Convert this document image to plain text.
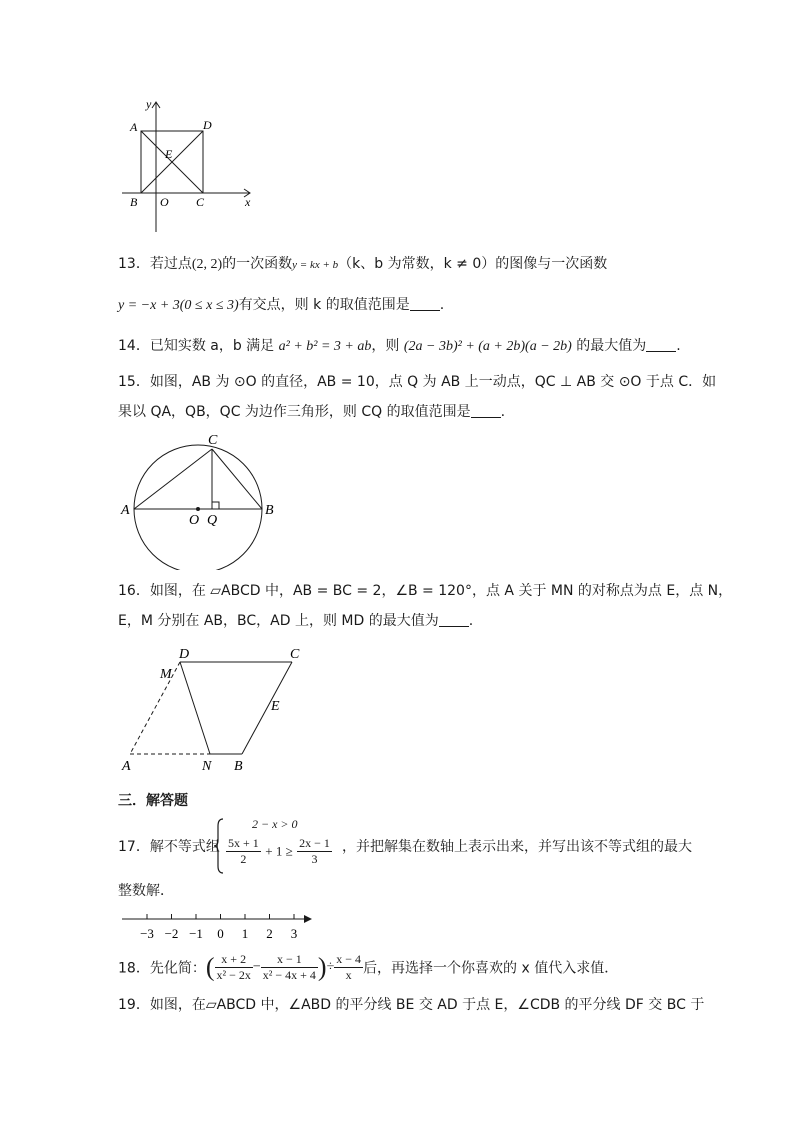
y
x
A	D
E
B O C
13．若过点(2, 2)的一次函数y = kx + b（k、b 为常数，k ≠ 0）的图像与一次函数
y = −x + 3(0 ≤ x ≤ 3)有交点，则 k 的取值范围是 .
14．已知实数 a，b 满足 a² + b² = 3 + ab，则 (2a − 3b)² + (a + 2b)(a − 2b) 的最大值为 .
15．如图，AB 为 ⊙O 的直径，AB = 10，点 Q 为 AB 上一动点，QC ⊥ AB 交 ⊙O 于点 C．如
果以 QA，QB，QC 为边作三角形，则 CQ 的取值范围是 .
C
A
O Q
B
16．如图，在 ▱ABCD 中，AB = BC = 2，∠B = 120°，点 A 关于 MN 的对称点为点 E，点 N，
E，M 分别在 AB，BC，AD 上，则 MD 的最大值为 .
D	C
M
E
A	N B
三．解答题
17．解不等式组
2 − x > 0
$\frac{5x + 1}{2} + 1 \ge \frac{2x - 1}{3}$ ，并把解集在数轴上表示出来，并写出该不等式组的最大
整数解．
−3 −2 −1 0 1 2 3
18．先化简：( $\frac{x + 2}{\text{x² − 2x}} - \frac{x - 1}{\text{x² − 4x + 4}}$ )÷ $\frac{x - 4}{x}$ 后，再选择一个你喜欢的 x 值代入求值．
19．如图，在▱ABCD 中，∠ABD 的平分线 BE 交 AD 于点 E，∠CDB 的平分线 DF 交 BC 于
